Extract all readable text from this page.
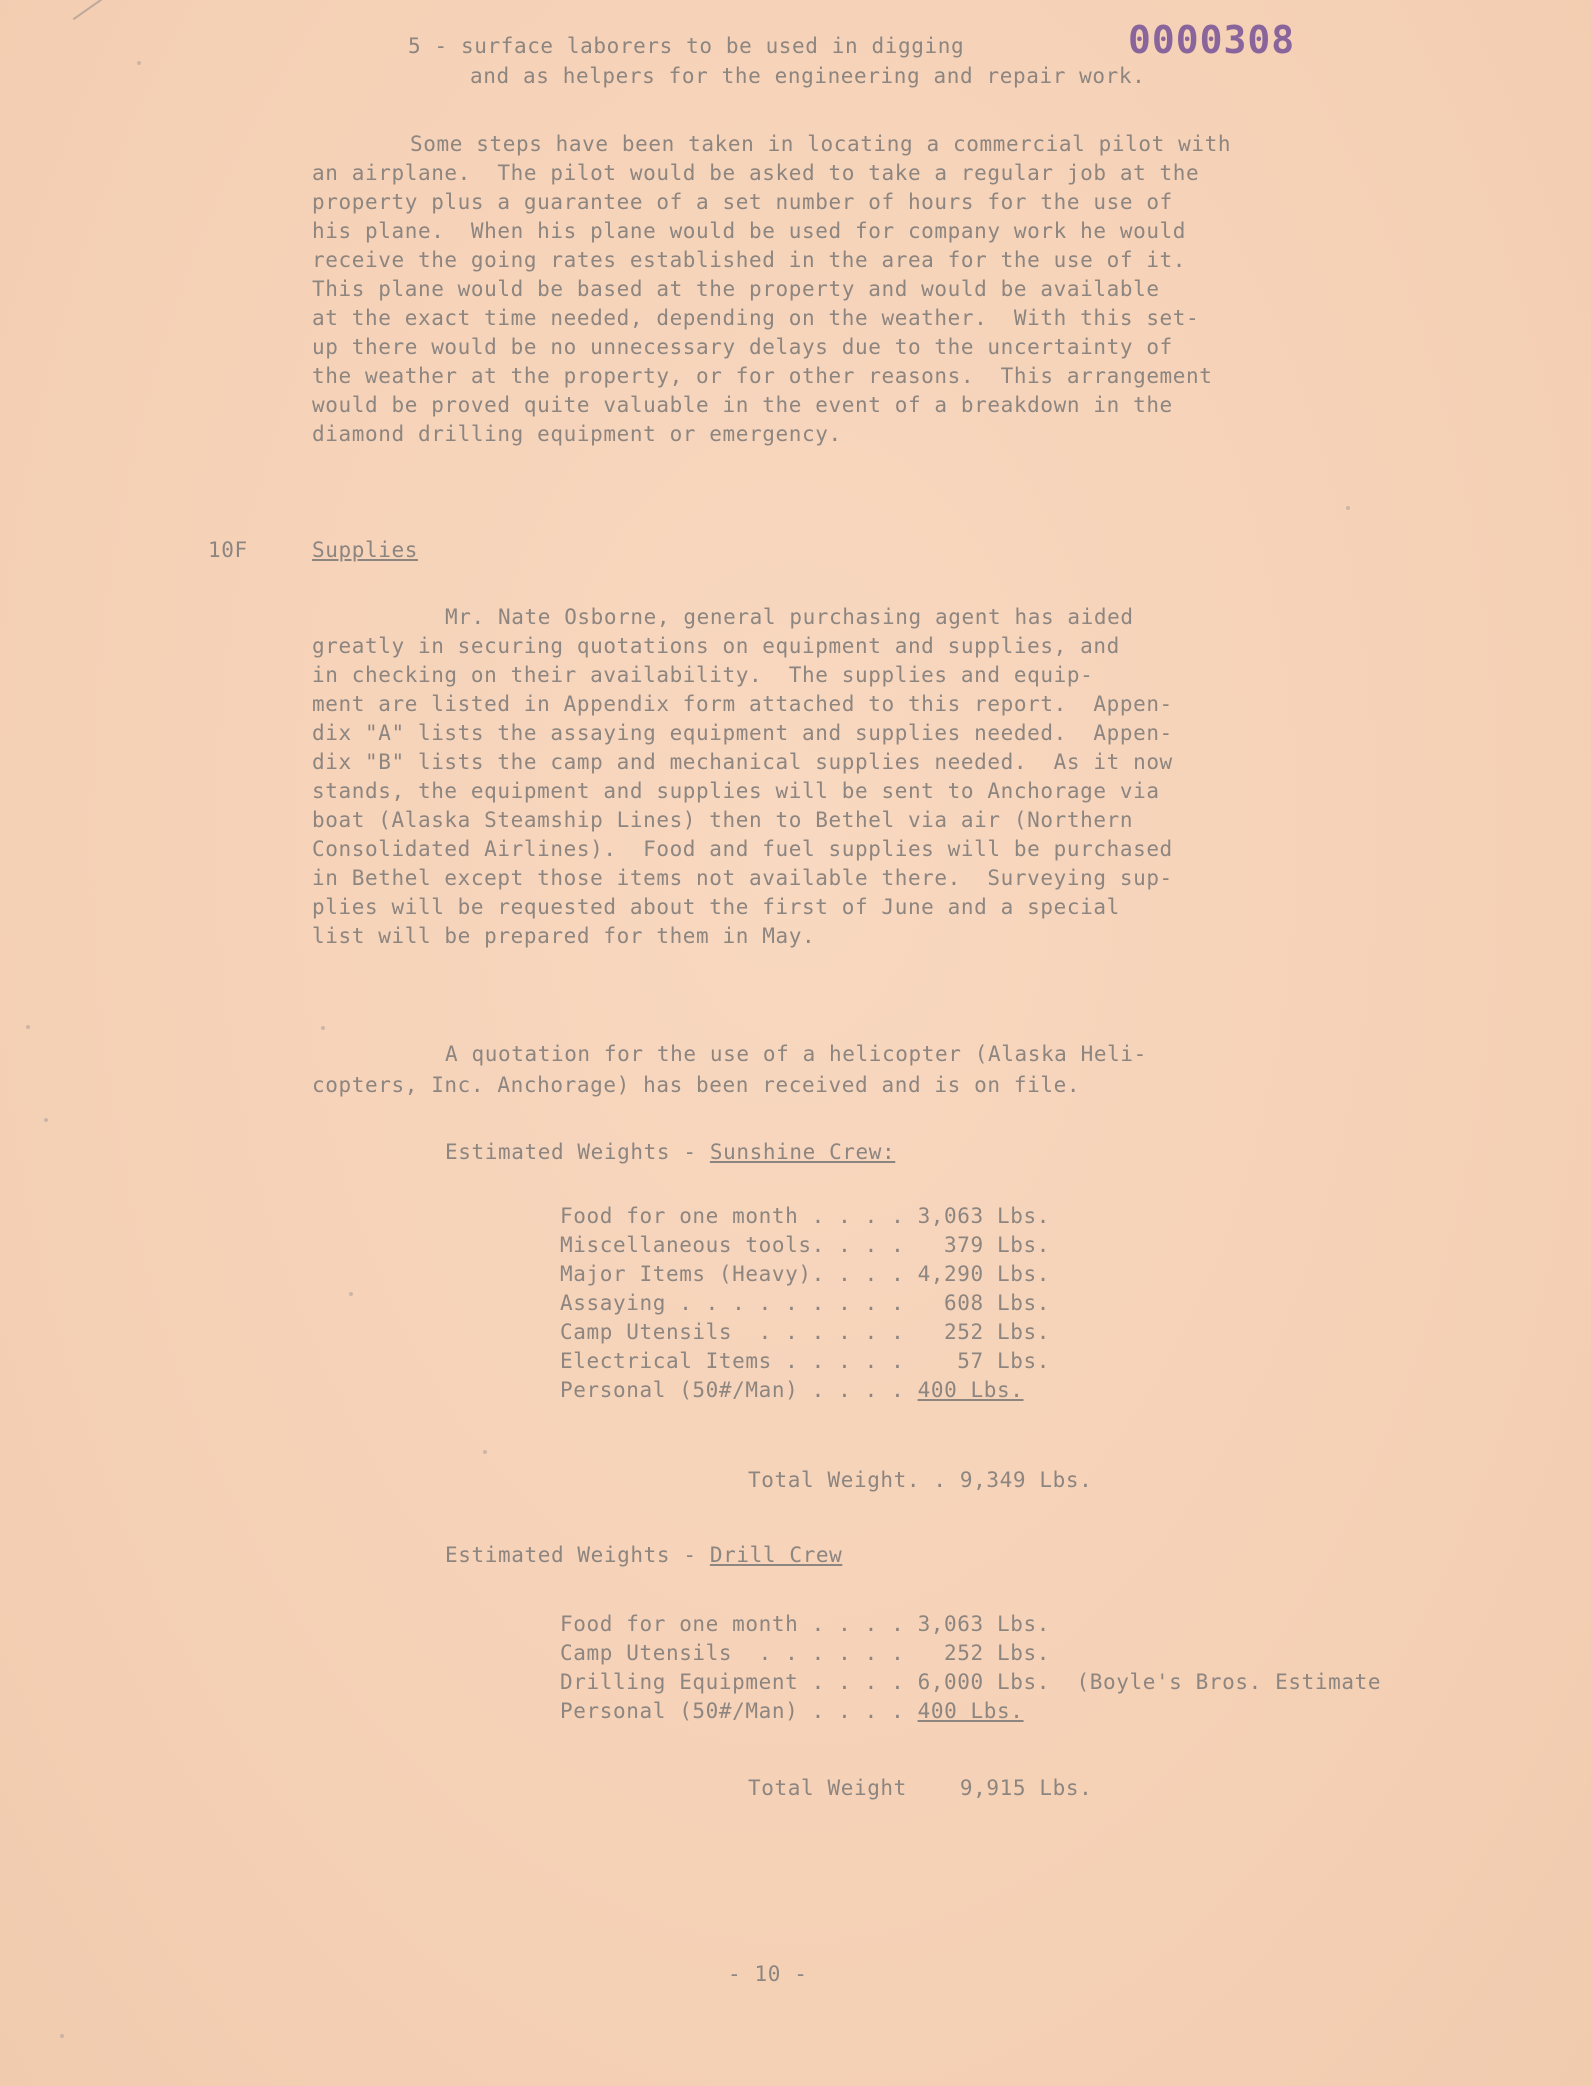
0000308

5 - surface laborers to be used in digging

and as helpers for the engineering and repair work.

Some steps have been taken in locating a commercial pilot with

an airplane.  The pilot would be asked to take a regular job at the

property plus a guarantee of a set number of hours for the use of

his plane.  When his plane would be used for company work he would

receive the going rates established in the area for the use of it.

This plane would be based at the property and would be available

at the exact time needed, depending on the weather.  With this set-

up there would be no unnecessary delays due to the uncertainty of

the weather at the property, or for other reasons.  This arrangement

would be proved quite valuable in the event of a breakdown in the

diamond drilling equipment or emergency.

10F	Supplies

Mr. Nate Osborne, general purchasing agent has aided

greatly in securing quotations on equipment and supplies, and

in checking on their availability.  The supplies and equip-

ment are listed in Appendix form attached to this report.  Appen-

dix "A" lists the assaying equipment and supplies needed.  Appen-

dix "B" lists the camp and mechanical supplies needed.  As it now

stands, the equipment and supplies will be sent to Anchorage via

boat (Alaska Steamship Lines) then to Bethel via air (Northern

Consolidated Airlines).  Food and fuel supplies will be purchased

in Bethel except those items not available there.  Surveying sup-

plies will be requested about the first of June and a special

list will be prepared for them in May.

A quotation for the use of a helicopter (Alaska Heli-

copters, Inc. Anchorage) has been received and is on file.

Estimated Weights - Sunshine Crew:

Food for one month . . . . 3,063 Lbs.

Miscellaneous tools. . . .   379 Lbs.

Major Items (Heavy). . . . 4,290 Lbs.

Assaying . . . . . . . . .   608 Lbs.

Camp Utensils  . . . . . .   252 Lbs.

Electrical Items . . . . .    57 Lbs.

Personal (50#/Man) . . . . 400 Lbs.

Total Weight. . 9,349 Lbs.

Estimated Weights - Drill Crew

Food for one month . . . . 3,063 Lbs.

Camp Utensils  . . . . . .   252 Lbs.

Drilling Equipment . . . . 6,000 Lbs.  (Boyle's Bros. Estimate

Personal (50#/Man) . . . . 400 Lbs.

Total Weight    9,915 Lbs.

- 10 -
